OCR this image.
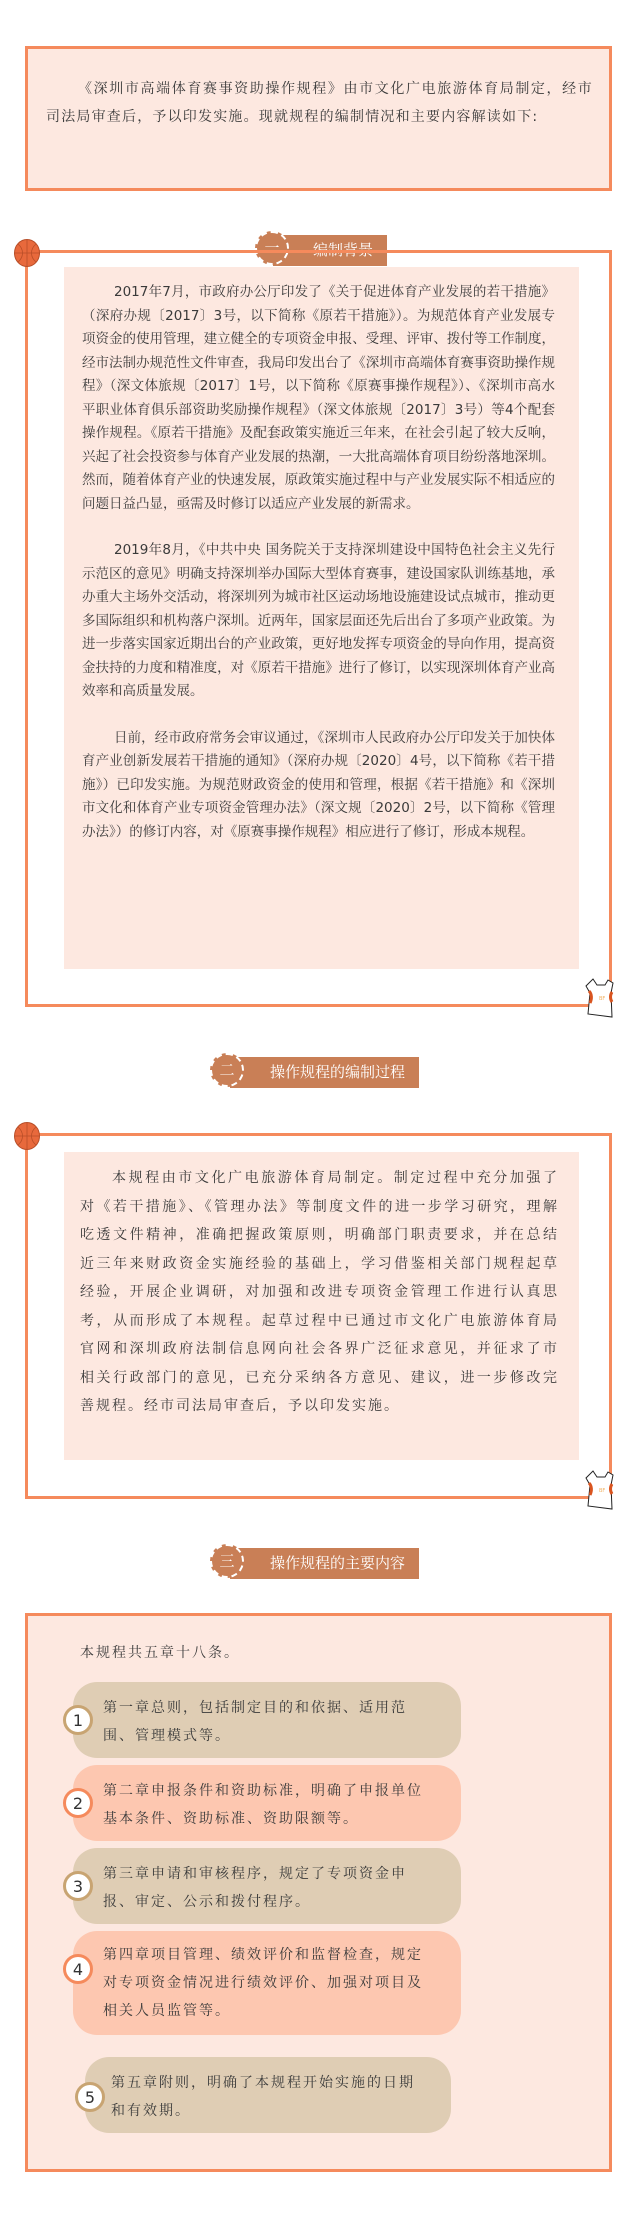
《深圳市高端体育赛事资助操作规程》由市文化广电旅游体育局制定，经市司法局审查后，予以印发实施。现就规程的编制情况和主要内容解读如下:

编制背景
一

2017年7月，市政府办公厅印发了《关于促进体育产业发展的若干措施》（深府办规〔2017〕3号，以下简称《原若干措施》）。为规范体育产业发展专项资金的使用管理，建立健全的专项资金申报、受理、评审、拨付等工作制度，经市法制办规范性文件审查，我局印发出台了《深圳市高端体育赛事资助操作规程》（深文体旅规〔2017〕1号，以下简称《原赛事操作规程》）、《深圳市高水平职业体育俱乐部资助奖励操作规程》（深文体旅规〔2017〕3号）等4个配套操作规程。《原若干措施》及配套政策实施近三年来，在社会引起了较大反响，兴起了社会投资参与体育产业发展的热潮，一大批高端体育项目纷纷落地深圳。然而，随着体育产业的快速发展，原政策实施过程中与产业发展实际不相适应的问题日益凸显，亟需及时修订以适应产业发展的新需求。

2019年8月，《中共中央 国务院关于支持深圳建设中国特色社会主义先行示范区的意见》明确支持深圳举办国际大型体育赛事，建设国家队训练基地，承办重大主场外交活动，将深圳列为城市社区运动场地设施建设试点城市，推动更多国际组织和机构落户深圳。近两年，国家层面还先后出台了多项产业政策。为进一步落实国家近期出台的产业政策，更好地发挥专项资金的导向作用，提高资金扶持的力度和精准度，对《原若干措施》进行了修订，以实现深圳体育产业高效率和高质量发展。

日前，经市政府常务会审议通过，《深圳市人民政府办公厅印发关于加快体育产业创新发展若干措施的通知》（深府办规〔2020〕4号，以下简称《若干措施》）已印发实施。为规范财政资金的使用和管理，根据《若干措施》和《深圳市文化和体育产业专项资金管理办法》（深文规〔2020〕2号，以下简称《管理办法》）的修订内容，对《原赛事操作规程》相应进行了修订，形成本规程。

BF
操作规程的编制过程
二

本规程由市文化广电旅游体育局制定。制定过程中充分加强了对《若干措施》、《管理办法》等制度文件的进一步学习研究，理解吃透文件精神，准确把握政策原则，明确部门职责要求，并在总结近三年来财政资金实施经验的基础上，学习借鉴相关部门规程起草经验，开展企业调研，对加强和改进专项资金管理工作进行认真思考，从而形成了本规程。起草过程中已通过市文化广电旅游体育局官网和深圳政府法制信息网向社会各界广泛征求意见，并征求了市相关行政部门的意见，已充分采纳各方意见、建议，进一步修改完善规程。经市司法局审查后，予以印发实施。

BF
操作规程的主要内容
三
本规程共五章十八条。
第一章总则，包括制定目的和依据、适用范围、管理模式等。
1
第二章申报条件和资助标准，明确了申报单位基本条件、资助标准、资助限额等。
2
第三章申请和审核程序，规定了专项资金申报、审定、公示和拨付程序。
3
第四章项目管理、绩效评价和监督检查，规定对专项资金情况进行绩效评价、加强对项目及相关人员监管等。
4
第五章附则，明确了本规程开始实施的日期和有效期。
5
